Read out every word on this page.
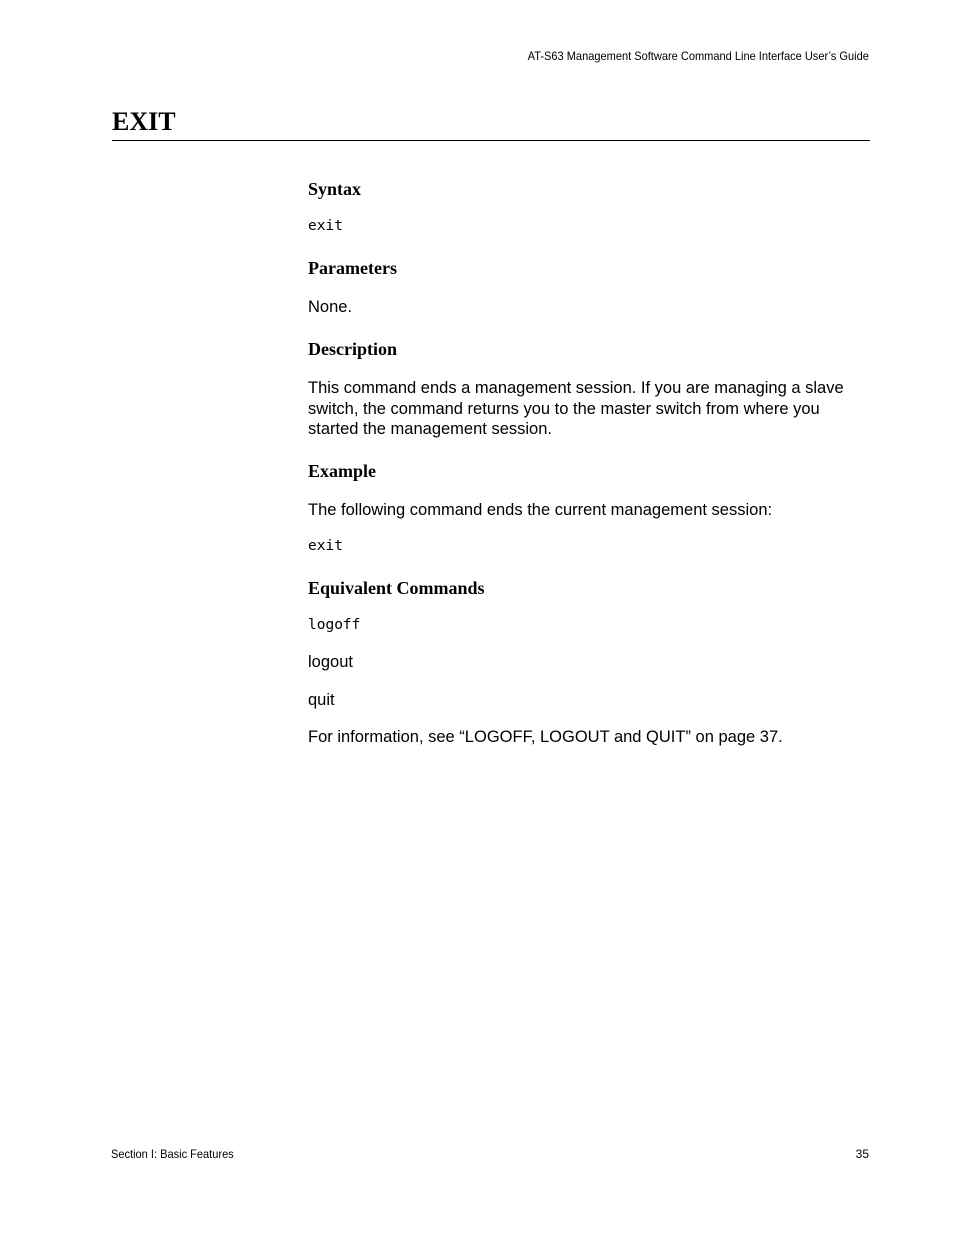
AT-S63 Management Software Command Line Interface User’s Guide
EXIT
Syntax
exit
Parameters

None.

Description

This command ends a management session. If you are managing a slave switch, the command returns you to the master switch from where you started the management session.

Example

The following command ends the current management session:

exit
Equivalent Commands
logoff

logout

quit

For information, see “LOGOFF, LOGOUT and QUIT” on page 37.

Section I: Basic Features	35
